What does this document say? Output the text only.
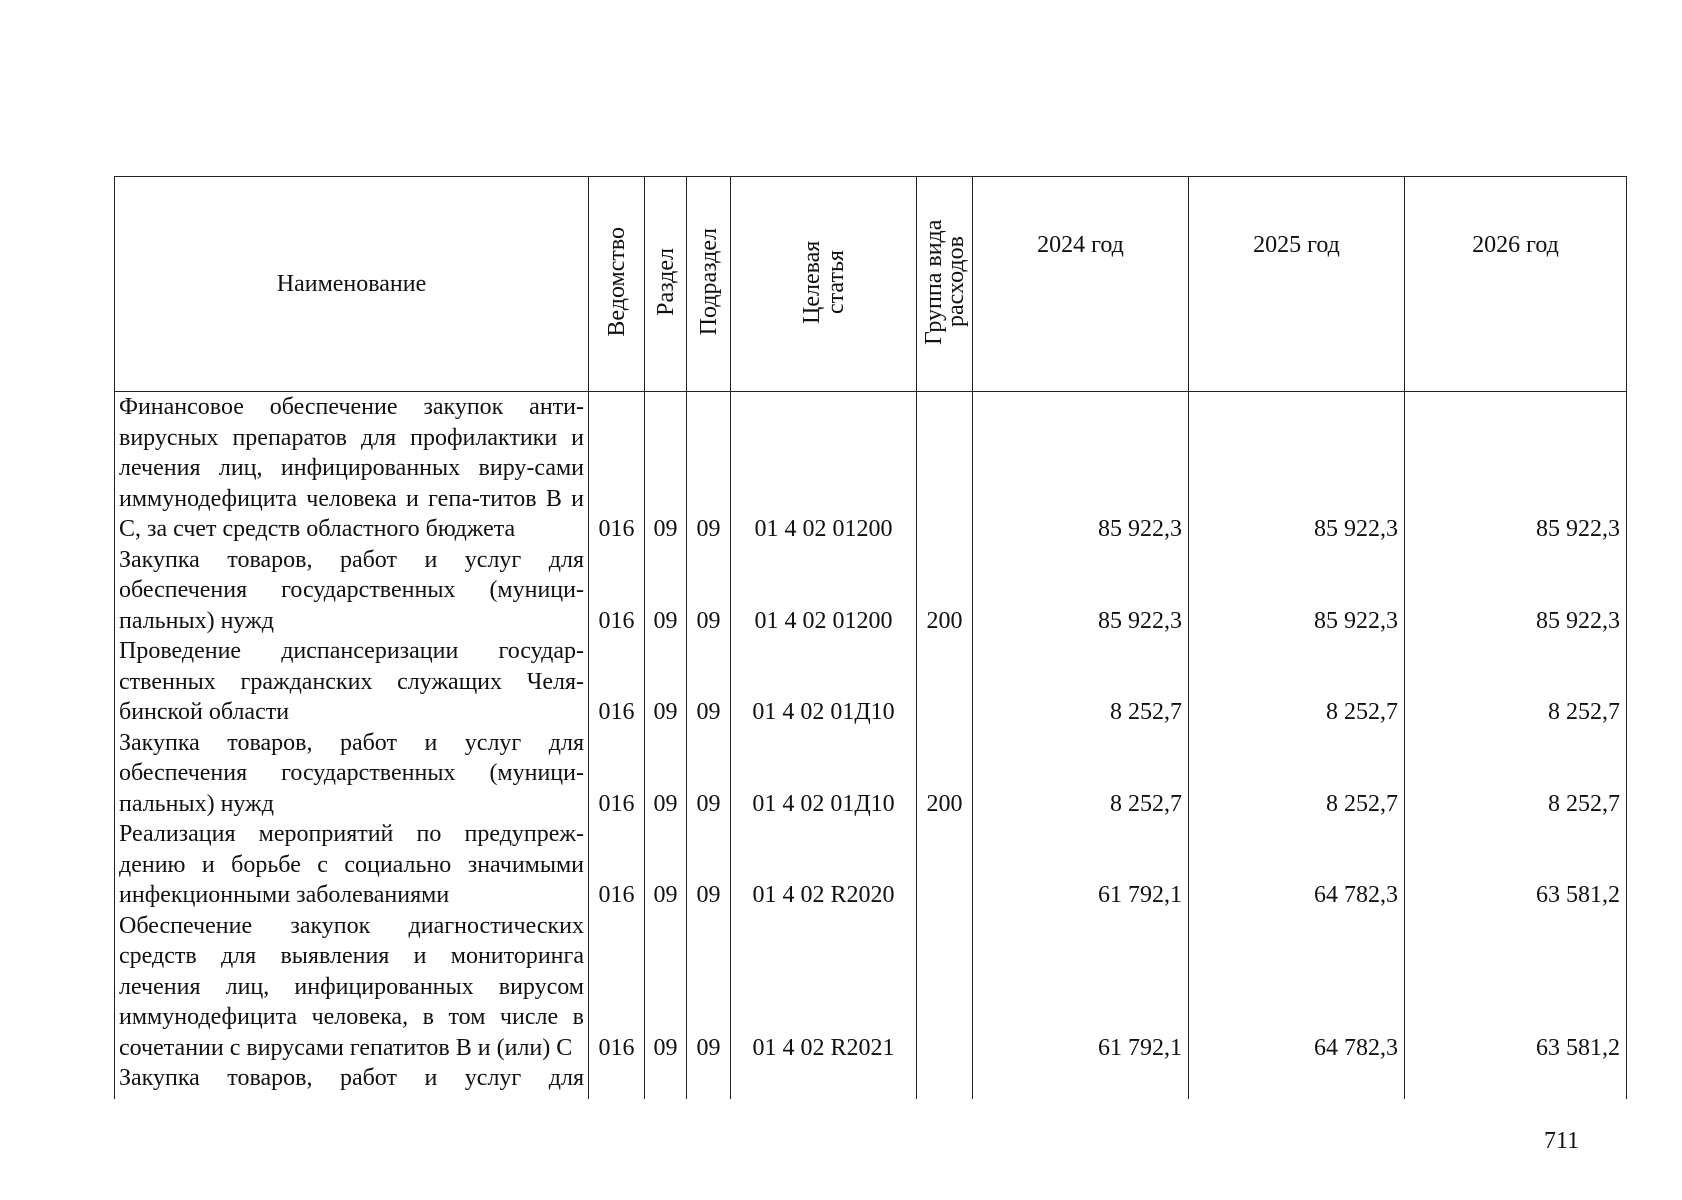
Наименование	Ведомство	Раздел	Подраздел	Целевая статья	Группа вида расходов	2024 год	2025 год	2026 год
Финансовое обеспечение закупок анти-вирусных препаратов для профилактики и лечения лиц, инфицированных виру-сами иммунодефицита человека и гепа-титов B и C, за счет средств областного бюджета	016	09	09	01 4 02 01200		85 922,3	85 922,3	85 922,3
Закупка товаров, работ и услуг для обеспечения государственных (муници-пальных) нужд	016	09	09	01 4 02 01200	200	85 922,3	85 922,3	85 922,3
Проведение диспансеризации государ-ственных гражданских служащих Челя-бинской области	016	09	09	01 4 02 01Д10		8 252,7	8 252,7	8 252,7
Закупка товаров, работ и услуг для обеспечения государственных (муници-пальных) нужд	016	09	09	01 4 02 01Д10	200	8 252,7	8 252,7	8 252,7
Реализация мероприятий по предупреж-дению и борьбе с социально значимыми инфекционными заболеваниями	016	09	09	01 4 02 R2020		61 792,1	64 782,3	63 581,2
Обеспечение закупок диагностических средств для выявления и мониторинга лечения лиц, инфицированных вирусом иммунодефицита человека, в том числе в сочетании с вирусами гепатитов B и (или) C	016	09	09	01 4 02 R2021		61 792,1	64 782,3	63 581,2
Закупка товаров, работ и услуг для								
711
